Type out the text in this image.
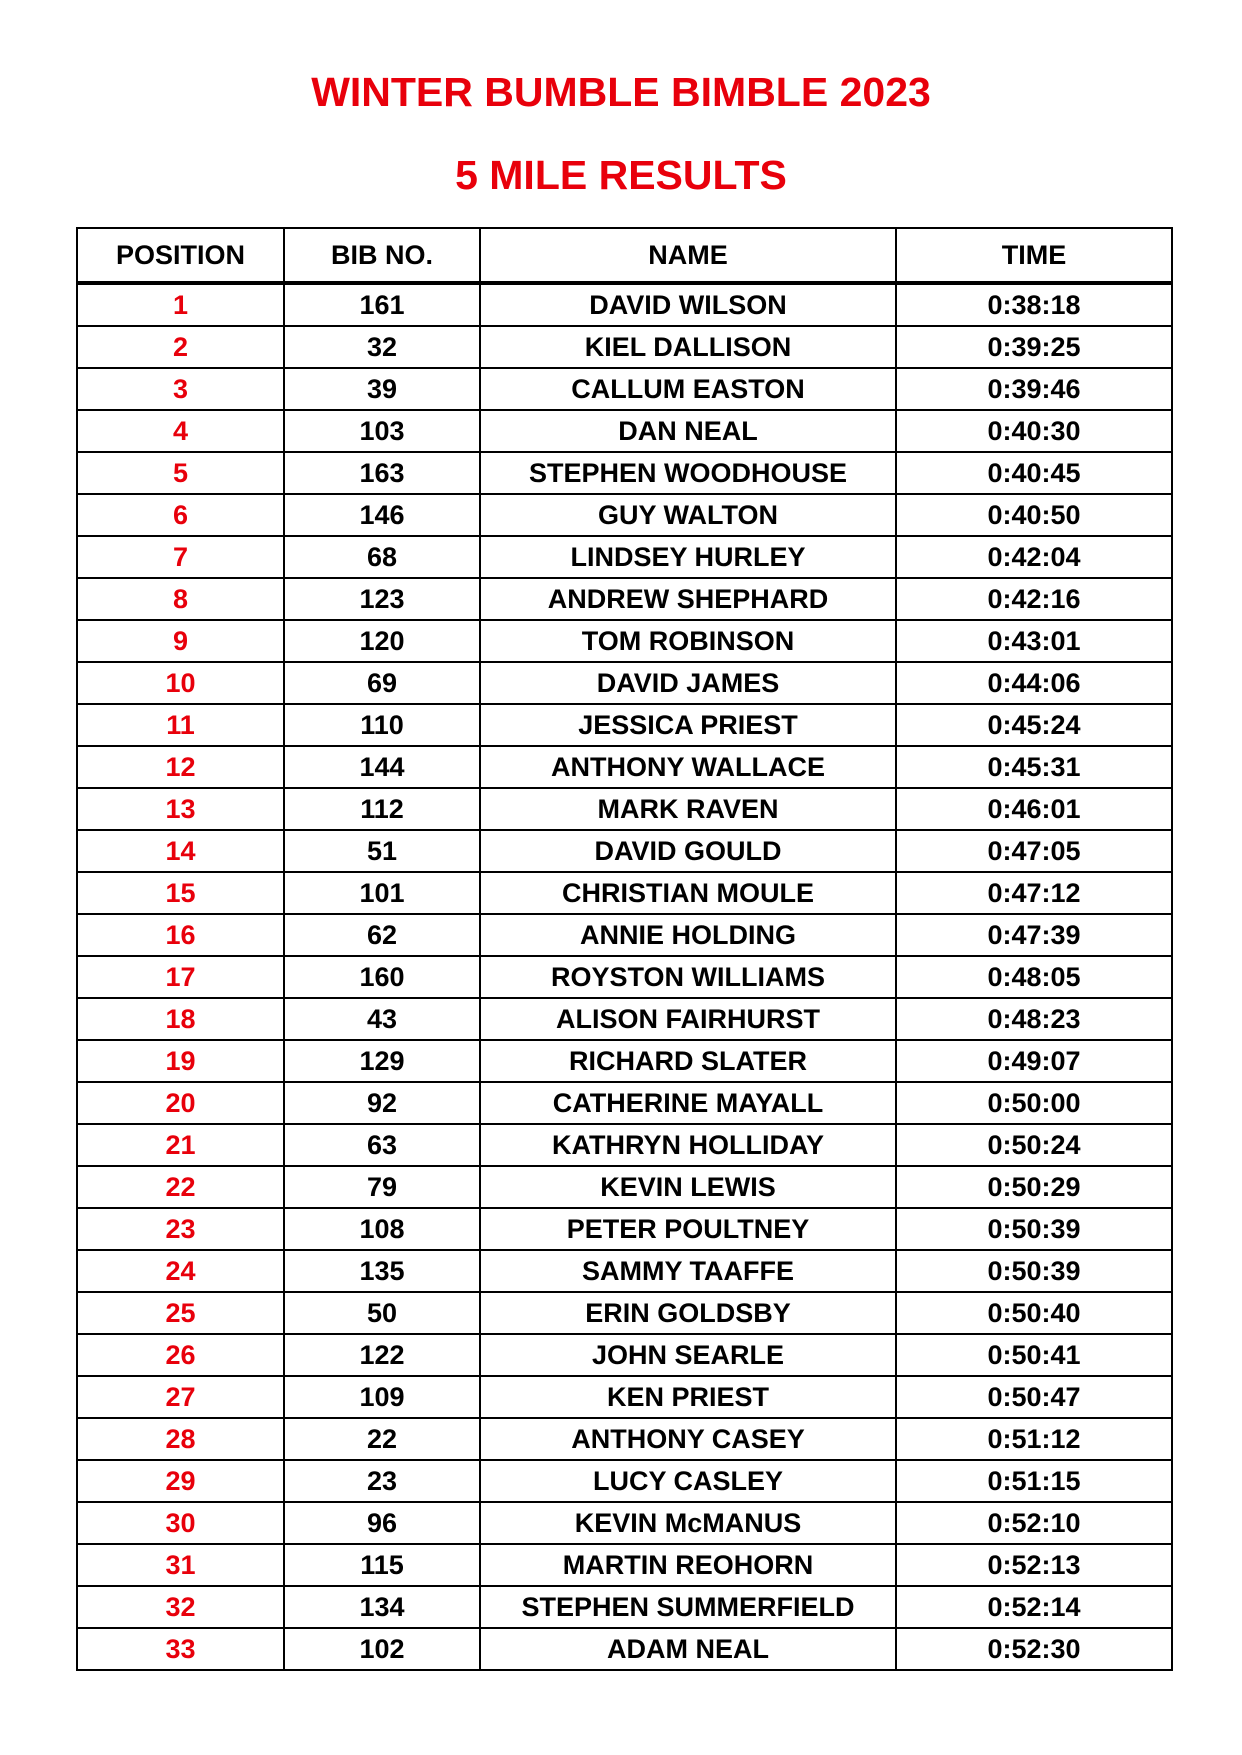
WINTER BUMBLE BIMBLE 2023
5 MILE RESULTS
POSITION	BIB NO.	NAME	TIME
1	161	DAVID WILSON	0:38:18
2	32	KIEL DALLISON	0:39:25
3	39	CALLUM EASTON	0:39:46
4	103	DAN NEAL	0:40:30
5	163	STEPHEN WOODHOUSE	0:40:45
6	146	GUY WALTON	0:40:50
7	68	LINDSEY HURLEY	0:42:04
8	123	ANDREW SHEPHARD	0:42:16
9	120	TOM ROBINSON	0:43:01
10	69	DAVID JAMES	0:44:06
11	110	JESSICA PRIEST	0:45:24
12	144	ANTHONY WALLACE	0:45:31
13	112	MARK RAVEN	0:46:01
14	51	DAVID GOULD	0:47:05
15	101	CHRISTIAN MOULE	0:47:12
16	62	ANNIE HOLDING	0:47:39
17	160	ROYSTON WILLIAMS	0:48:05
18	43	ALISON FAIRHURST	0:48:23
19	129	RICHARD SLATER	0:49:07
20	92	CATHERINE MAYALL	0:50:00
21	63	KATHRYN HOLLIDAY	0:50:24
22	79	KEVIN LEWIS	0:50:29
23	108	PETER POULTNEY	0:50:39
24	135	SAMMY TAAFFE	0:50:39
25	50	ERIN GOLDSBY	0:50:40
26	122	JOHN SEARLE	0:50:41
27	109	KEN PRIEST	0:50:47
28	22	ANTHONY CASEY	0:51:12
29	23	LUCY CASLEY	0:51:15
30	96	KEVIN McMANUS	0:52:10
31	115	MARTIN REOHORN	0:52:13
32	134	STEPHEN SUMMERFIELD	0:52:14
33	102	ADAM NEAL	0:52:30
